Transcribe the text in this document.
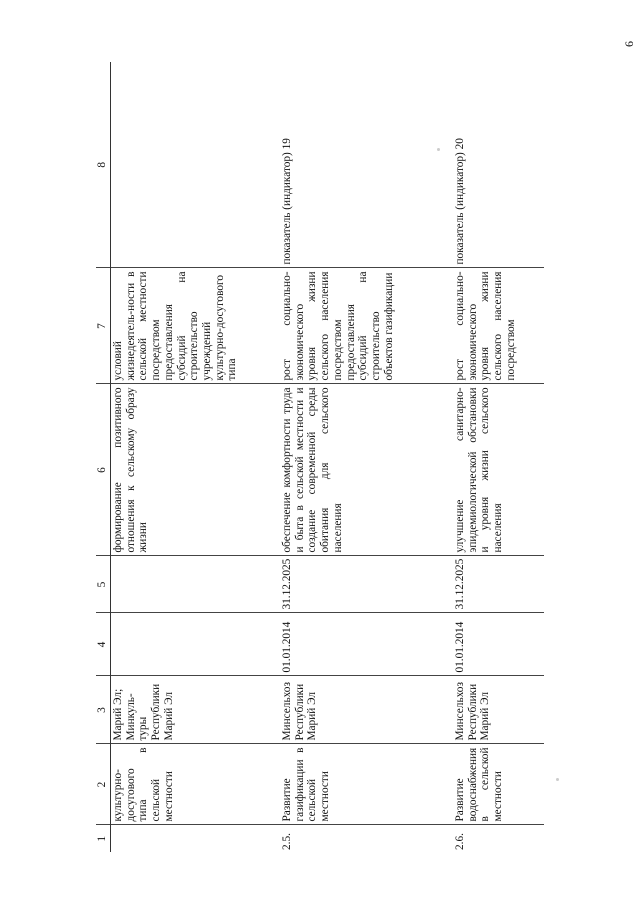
6
1	2	3	4	5	6	7	8
	культурно-досугового типа в сельской местности	Марий Эл; Минкуль-туры Республики Марий Эл			формирование позитивного отношения к сельскому образу жизни	условий жизнедеятель-ности в сельской местности посредством предоставления субсидий на строительство учреждений культурно-досугового типа	
2.5.	Развитие газификации в сельской местности	Минсельхоз Республики Марий Эл	01.01.2014	31.12.2025	обеспечение комфортности труда и быта в сельской местности и создание современной среды обитания для сельского населения	рост социально-экономического уровня жизни сельского населения посредством предоставления субсидий на строительство объектов газификации	показатель (индикатор) 19
2.6.	Развитие водоснабжения в сельской местности	Минсельхоз Республики Марий Эл	01.01.2014	31.12.2025	улучшение санитарно-эпидемиологической обстановки и уровня жизни сельского населения	рост социально-экономического уровня жизни сельского населения посредством	показатель (индикатор) 20
